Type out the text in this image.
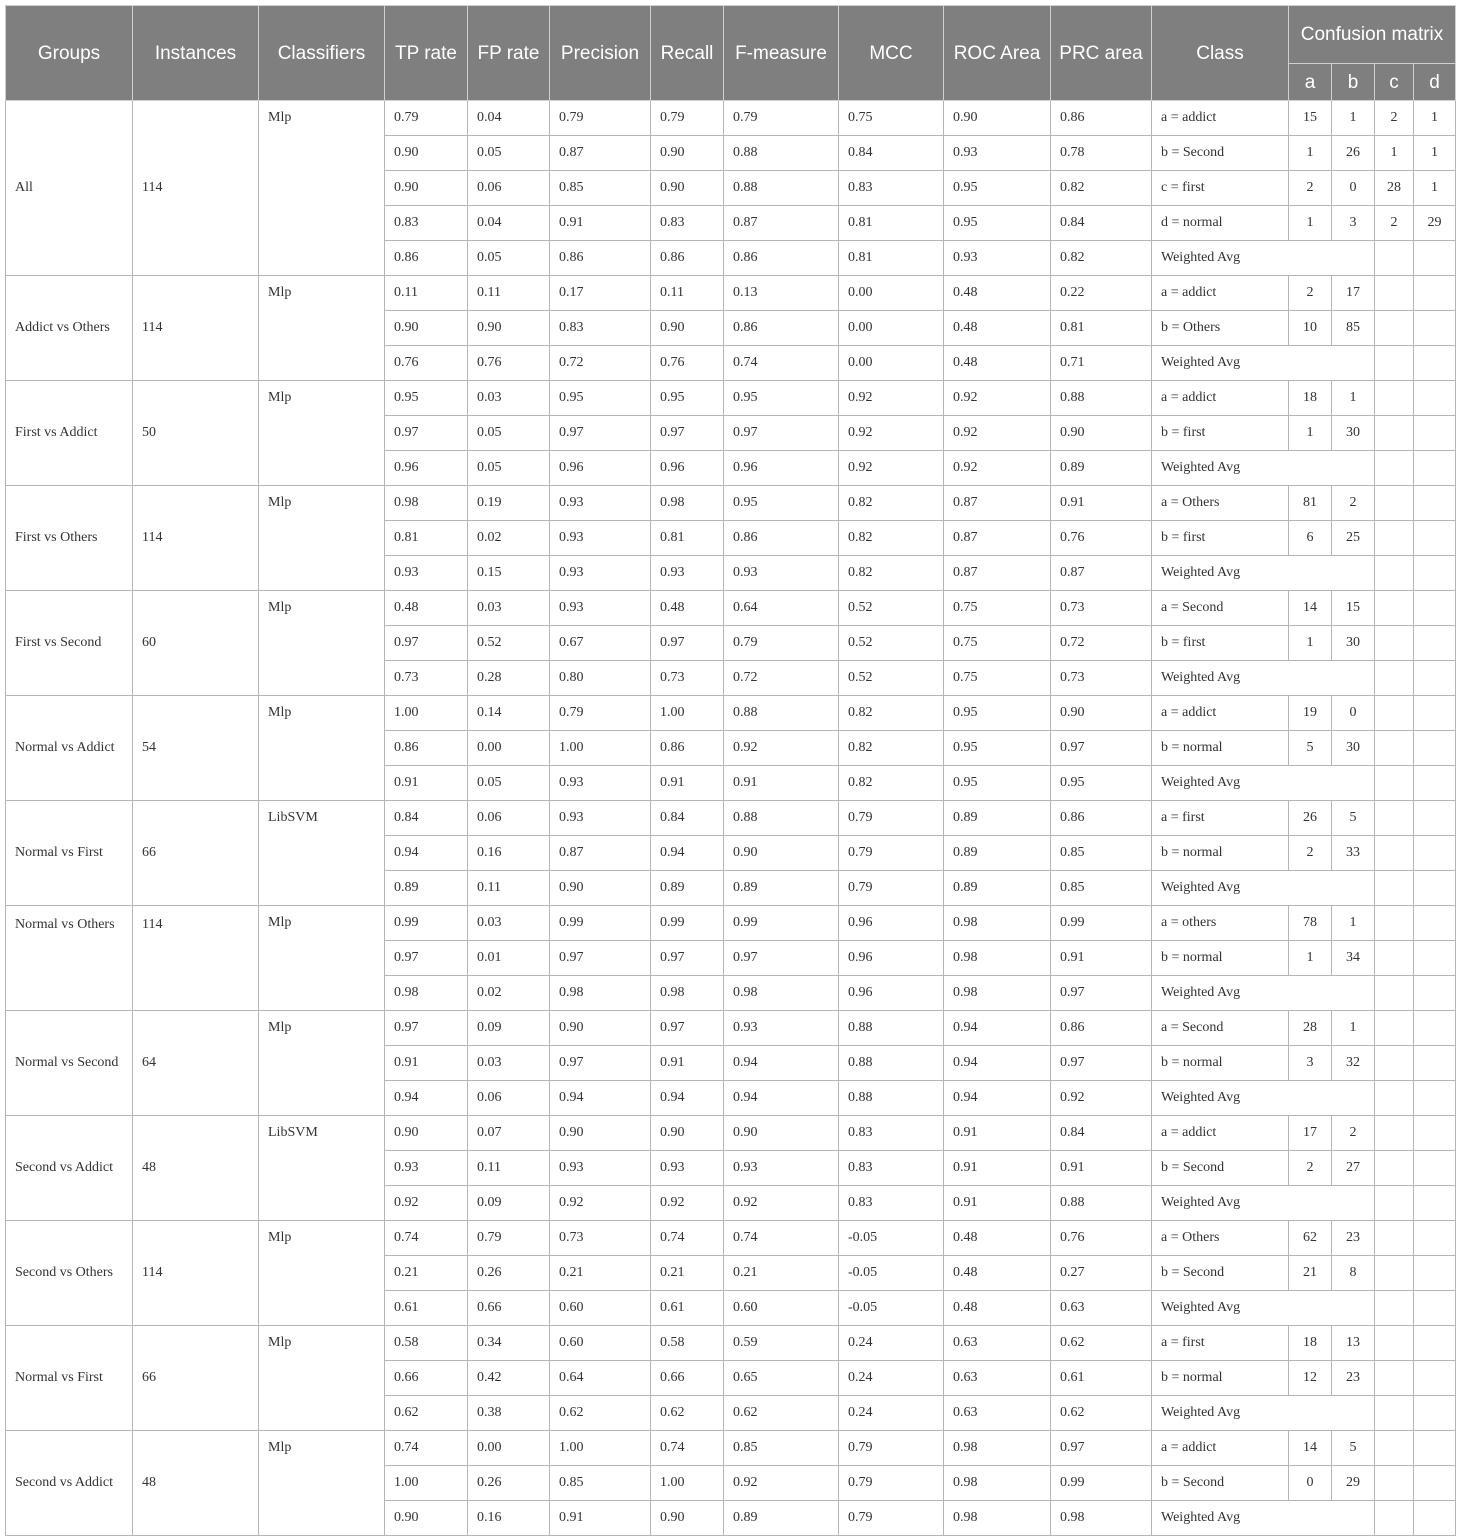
Groups	Instances	Classifiers	TP rate	FP rate	Precision	Recall	F-measure	MCC	ROC Area	PRC area	Class	Confusion matrix			
												a	b	c	d
All	114	Mlp	0.79	0.04	0.79	0.79	0.79	0.75	0.90	0.86	a = addict	15	1	2	1
			0.90	0.05	0.87	0.90	0.88	0.84	0.93	0.78	b = Second	1	26	1	1
			0.90	0.06	0.85	0.90	0.88	0.83	0.95	0.82	c = first	2	0	28	1
			0.83	0.04	0.91	0.83	0.87	0.81	0.95	0.84	d = normal	1	3	2	29
			0.86	0.05	0.86	0.86	0.86	0.81	0.93	0.82	Weighted Avg				
Addict vs Others	114	Mlp	0.11	0.11	0.17	0.11	0.13	0.00	0.48	0.22	a = addict	2	17		
			0.90	0.90	0.83	0.90	0.86	0.00	0.48	0.81	b = Others	10	85		
			0.76	0.76	0.72	0.76	0.74	0.00	0.48	0.71	Weighted Avg				
First vs Addict	50	Mlp	0.95	0.03	0.95	0.95	0.95	0.92	0.92	0.88	a = addict	18	1		
			0.97	0.05	0.97	0.97	0.97	0.92	0.92	0.90	b = first	1	30		
			0.96	0.05	0.96	0.96	0.96	0.92	0.92	0.89	Weighted Avg				
First vs Others	114	Mlp	0.98	0.19	0.93	0.98	0.95	0.82	0.87	0.91	a = Others	81	2		
			0.81	0.02	0.93	0.81	0.86	0.82	0.87	0.76	b = first	6	25		
			0.93	0.15	0.93	0.93	0.93	0.82	0.87	0.87	Weighted Avg				
First vs Second	60	Mlp	0.48	0.03	0.93	0.48	0.64	0.52	0.75	0.73	a = Second	14	15		
			0.97	0.52	0.67	0.97	0.79	0.52	0.75	0.72	b = first	1	30		
			0.73	0.28	0.80	0.73	0.72	0.52	0.75	0.73	Weighted Avg				
Normal vs Addict	54	Mlp	1.00	0.14	0.79	1.00	0.88	0.82	0.95	0.90	a = addict	19	0		
			0.86	0.00	1.00	0.86	0.92	0.82	0.95	0.97	b = normal	5	30		
			0.91	0.05	0.93	0.91	0.91	0.82	0.95	0.95	Weighted Avg				
Normal vs First	66	LibSVM	0.84	0.06	0.93	0.84	0.88	0.79	0.89	0.86	a = first	26	5		
			0.94	0.16	0.87	0.94	0.90	0.79	0.89	0.85	b = normal	2	33		
			0.89	0.11	0.90	0.89	0.89	0.79	0.89	0.85	Weighted Avg				
Normal vs Others	114	Mlp	0.99	0.03	0.99	0.99	0.99	0.96	0.98	0.99	a = others	78	1		
			0.97	0.01	0.97	0.97	0.97	0.96	0.98	0.91	b = normal	1	34		
			0.98	0.02	0.98	0.98	0.98	0.96	0.98	0.97	Weighted Avg				
Normal vs Second	64	Mlp	0.97	0.09	0.90	0.97	0.93	0.88	0.94	0.86	a = Second	28	1		
			0.91	0.03	0.97	0.91	0.94	0.88	0.94	0.97	b = normal	3	32		
			0.94	0.06	0.94	0.94	0.94	0.88	0.94	0.92	Weighted Avg				
Second vs Addict	48	LibSVM	0.90	0.07	0.90	0.90	0.90	0.83	0.91	0.84	a = addict	17	2		
			0.93	0.11	0.93	0.93	0.93	0.83	0.91	0.91	b = Second	2	27		
			0.92	0.09	0.92	0.92	0.92	0.83	0.91	0.88	Weighted Avg				
Second vs Others	114	Mlp	0.74	0.79	0.73	0.74	0.74	-0.05	0.48	0.76	a = Others	62	23		
			0.21	0.26	0.21	0.21	0.21	-0.05	0.48	0.27	b = Second	21	8		
			0.61	0.66	0.60	0.61	0.60	-0.05	0.48	0.63	Weighted Avg				
Normal vs First	66	Mlp	0.58	0.34	0.60	0.58	0.59	0.24	0.63	0.62	a = first	18	13		
			0.66	0.42	0.64	0.66	0.65	0.24	0.63	0.61	b = normal	12	23		
			0.62	0.38	0.62	0.62	0.62	0.24	0.63	0.62	Weighted Avg				
Second vs Addict	48	Mlp	0.74	0.00	1.00	0.74	0.85	0.79	0.98	0.97	a = addict	14	5		
			1.00	0.26	0.85	1.00	0.92	0.79	0.98	0.99	b = Second	0	29		
			0.90	0.16	0.91	0.90	0.89	0.79	0.98	0.98	Weighted Avg				
